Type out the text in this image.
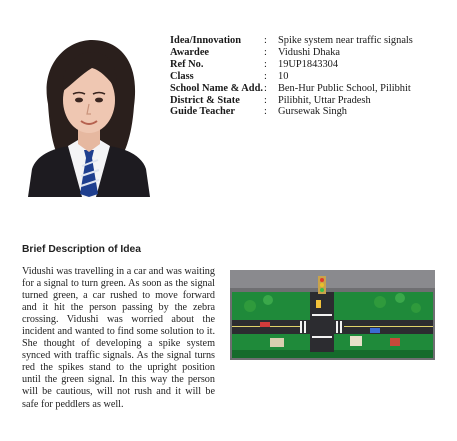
Idea/Innovation	:	Spike system near traffic signals
Awardee	:	Vidushi Dhaka
Ref No.	:	19UP1843304
Class	:	10
School Name & Add. :	Ben-Hur Public School, Pilibhit
District & State	:	Pilibhit, Uttar Pradesh
Guide Teacher	:	Gursewak Singh
Brief Description of Idea

Vidushi was travelling in a car and was waiting for a signal to turn green. As soon as the signal turned green, a car rushed to move forward and it hit the person passing by the zebra crossing. Vidushi was worried about the incident and wanted to find some solution to it. She thought of developing a spike system synced with traffic signals. As the signal turns red the spikes stand to the upright position until the green signal. In this way the person will be cautious, will not rush and it will be safe for peddlers as well.
